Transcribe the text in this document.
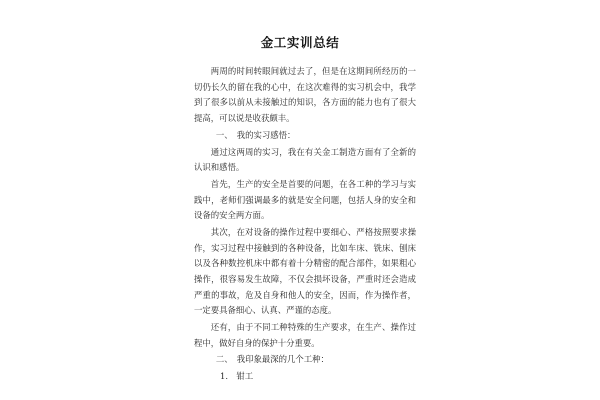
金工实训总结

两周的时间转眼间就过去了，但是在这期间所经历的一切仍长久的留在我的心中，在这次难得的实习机会中，我学到了很多以前从未接触过的知识，各方面的能力也有了很大提高，可以说是收获颇丰。

一、　我的实习感悟：

通过这两周的实习，我在有关金工制造方面有了全新的认识和感悟。

首先，生产的安全是首要的问题，在各工种的学习与实践中，老师们强调最多的就是安全问题，包括人身的安全和设备的安全两方面。

其次，在对设备的操作过程中要细心、严格按照要求操作，实习过程中接触到的各种设备，比如车床、铣床、刨床以及各种数控机床中都有着十分精密的配合部件，如果粗心操作，很容易发生故障，不仅会损坏设备，严重时还会造成严重的事故，危及自身和他人的安全，因而，作为操作者，一定要具备细心、认真、严谨的态度。

还有，由于不同工种特殊的生产要求，在生产、操作过程中，做好自身的保护十分重要。

二、　我印象最深的几个工种：

1.　钳工
